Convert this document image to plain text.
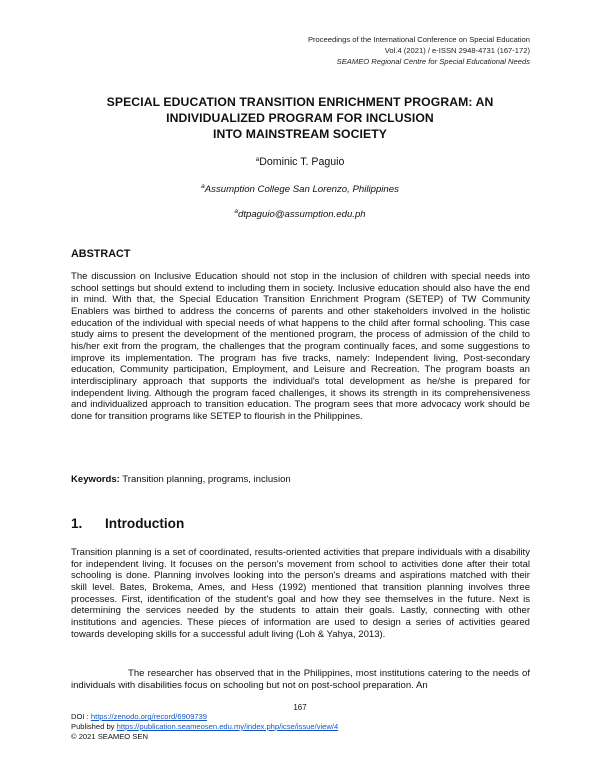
Proceedings of the International Conference on Special Education
Vol.4 (2021) / e-ISSN 2948-4731 (167-172)
SEAMEO Regional Centre for Special Educational Needs
SPECIAL EDUCATION TRANSITION ENRICHMENT PROGRAM: AN
INDIVIDUALIZED PROGRAM FOR INCLUSION
INTO MAINSTREAM SOCIETY
$^a$Dominic T. Paguio
$^a$Assumption College San Lorenzo, Philippines
$^a$dtpaguio@assumption.edu.ph
ABSTRACT

The discussion on Inclusive Education should not stop in the inclusion of children with special needs into school settings but should extend to including them in society. Inclusive education should also have the end in mind. With that, the Special Education Transition Enrichment Program (SETEP) of TW Community Enablers was birthed to address the concerns of parents and other stakeholders involved in the holistic education of the individual with special needs of what happens to the child after formal schooling. This case study aims to present the development of the mentioned program, the process of admission of the child to his/her exit from the program, the challenges that the program continually faces, and some suggestions to improve its implementation. The program has five tracks, namely: Independent living, Post-secondary education, Community participation, Employment, and Leisure and Recreation. The program boasts an interdisciplinary approach that supports the individual's total development as he/she is prepared for independent living. Although the program faced challenges, it shows its strength in its comprehensiveness and individualized approach to transition education. The program sees that more advocacy work should be done for transition programs like SETEP to flourish in the Philippines.

Keywords: Transition planning, programs, inclusion
1. Introduction

Transition planning is a set of coordinated, results-oriented activities that prepare individuals with a disability for independent living. It focuses on the person's movement from school to activities done after their total schooling is done. Planning involves looking into the person's dreams and aspirations matched with their skill level. Bates, Brokema, Ames, and Hess (1992) mentioned that transition planning involves three processes. First, identification of the student's goal and how they see themselves in the future. Next is determining the services needed by the students to attain their goals. Lastly, connecting with other institutions and agencies. These pieces of information are used to design a series of activities geared towards developing skills for a successful adult living (Loh & Yahya, 2013).

The researcher has observed that in the Philippines, most institutions catering to the needs of individuals with disabilities focus on schooling but not on post-school preparation. An

167
DOI : https://zenodo.org/record/6909739
Published by https://publication.seameosen.edu.my/index.php/icse/issue/view/4
© 2021 SEAMEO SEN
